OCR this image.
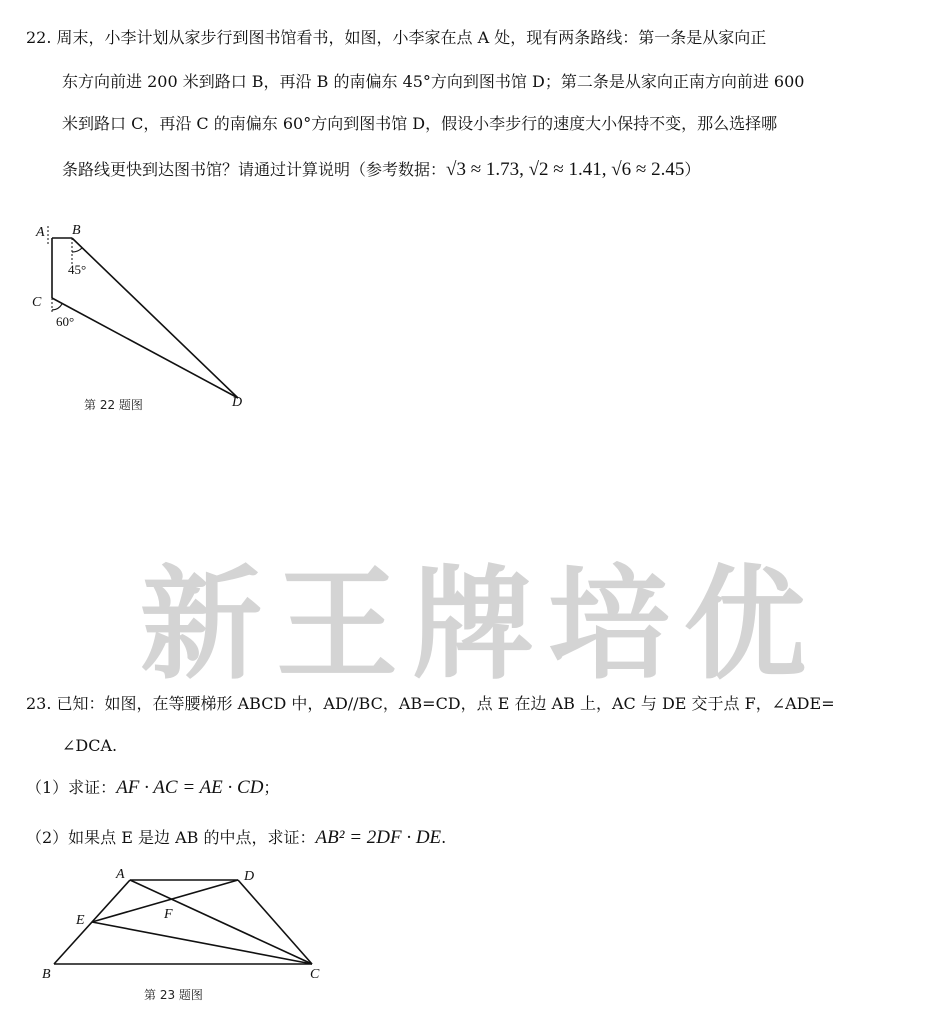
22. 周末，小李计划从家步行到图书馆看书，如图，小李家在点 A 处，现有两条路线：第一条是从家向正
东方向前进 200 米到路口 B，再沿 B 的南偏东 45°方向到图书馆 D；第二条是从家向正南方向前进 600
米到路口 C，再沿 C 的南偏东 60°方向到图书馆 D，假设小李步行的速度大小保持不变，那么选择哪
条路线更快到达图书馆？请通过计算说明（参考数据：√3 ≈ 1.73, √2 ≈ 1.41, √6 ≈ 2.45）
A B
C
D
45°
60°
第 22 题图
新王牌培优
23. 已知：如图，在等腰梯形 ABCD 中，AD//BC，AB=CD，点 E 在边 AB 上，AC 与 DE 交于点 F，∠ADE=
∠DCA.
（1）求证：AF · AC = AE · CD；
（2）如果点 E 是边 AB 的中点，求证：AB² = 2DF · DE.
A	D
E	F
B	C
第 23 题图
